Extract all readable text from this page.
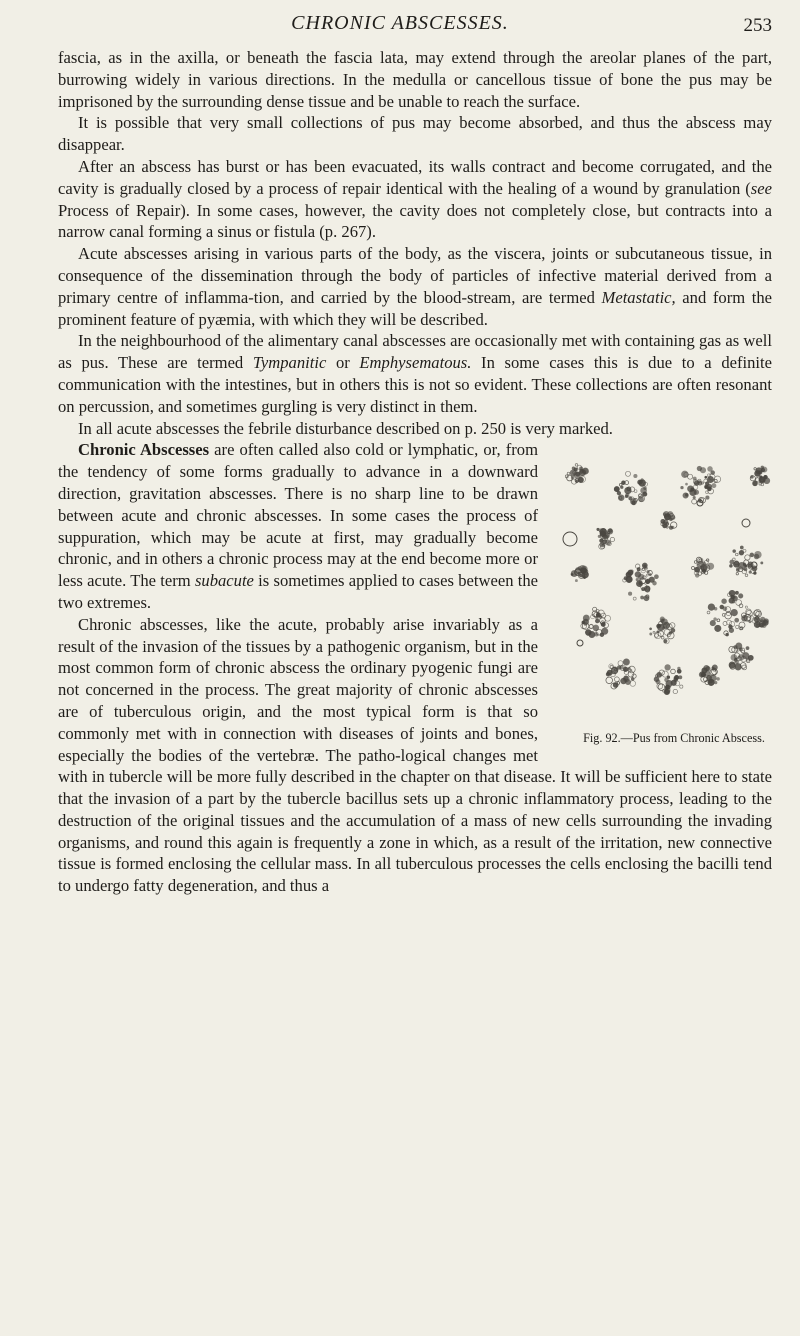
CHRONIC ABSCESSES.	253

fascia, as in the axilla, or beneath the fascia lata, may extend through the areolar planes of the part, burrowing widely in various directions. In the medulla or cancellous tissue of bone the pus may be imprisoned by the surrounding dense tissue and be unable to reach the surface.

It is possible that very small collections of pus may become absorbed, and thus the abscess may disappear.

After an abscess has burst or has been evacuated, its walls contract and become corrugated, and the cavity is gradually closed by a process of repair identical with the healing of a wound by granulation (see Process of Repair). In some cases, however, the cavity does not completely close, but contracts into a narrow canal forming a sinus or fistula (p. 267).

Acute abscesses arising in various parts of the body, as the viscera, joints or subcutaneous tissue, in consequence of the dissemination through the body of particles of infective material derived from a primary centre of inflamma-tion, and carried by the blood-stream, are termed Metastatic, and form the prominent feature of pyæmia, with which they will be described.

In the neighbourhood of the alimentary canal abscesses are occasionally met with containing gas as well as pus. These are termed Tympanitic or Emphysematous. In some cases this is due to a definite communication with the intestines, but in others this is not so evident. These collections are often resonant on percussion, and sometimes gurgling is very distinct in them.

In all acute abscesses the febrile disturbance described on p. 250 is very marked.

Fig. 92.—Pus from Chronic Abscess.
Chronic Abscesses are often called also cold or lymphatic, or, from the tendency of some forms gradually to advance in a downward direction, gravitation abscesses. There is no sharp line to be drawn between acute and chronic abscesses. In some cases the process of suppuration, which may be acute at first, may gradually become chronic, and in others a chronic process may at the end become more or less acute. The term subacute is sometimes applied to cases between the two extremes.

Chronic abscesses, like the acute, probably arise invariably as a result of the invasion of the tissues by a pathogenic organism, but in the most common form of chronic abscess the ordinary pyogenic fungi are not concerned in the process. The great majority of chronic abscesses are of tuberculous origin, and the most typical form is that so commonly met with in connection with diseases of joints and bones, especially the bodies of the vertebræ. The patho-logical changes met with in tubercle will be more fully described in the chapter on that disease. It will be sufficient here to state that the invasion of a part by the tubercle bacillus sets up a chronic inflammatory process, leading to the destruction of the original tissues and the accumulation of a mass of new cells surrounding the invading organisms, and round this again is frequently a zone in which, as a result of the irritation, new connective tissue is formed enclosing the cellular mass. In all tuberculous processes the cells enclosing the bacilli tend to undergo fatty degeneration, and thus a
